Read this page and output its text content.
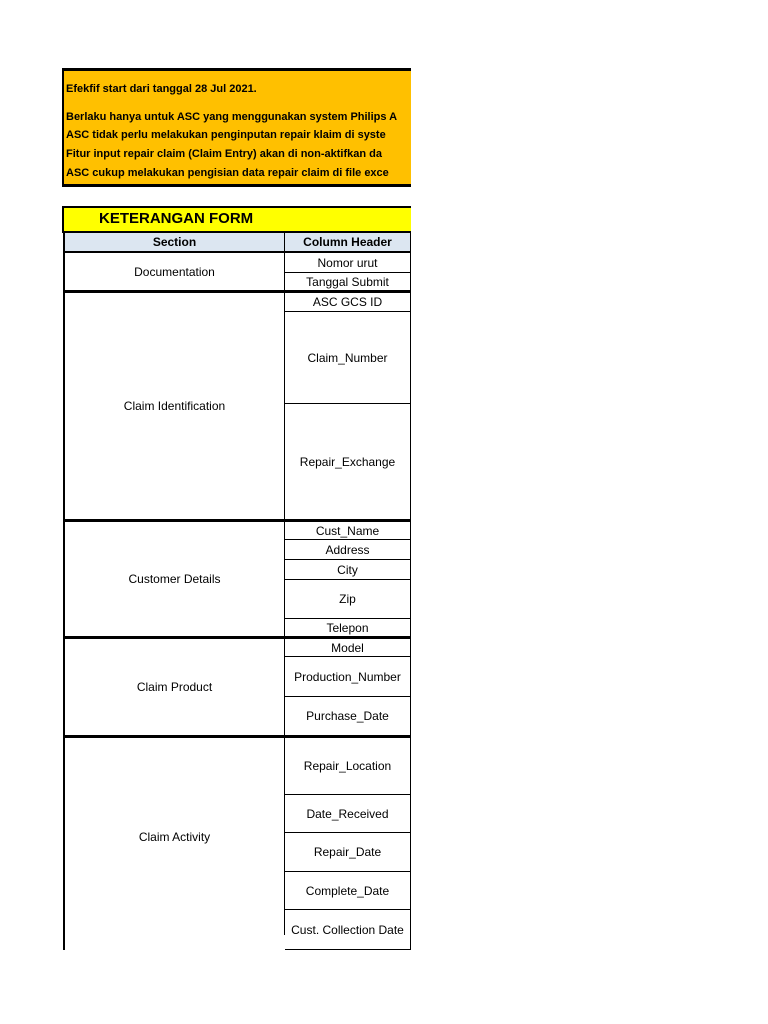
Efekfif start dari tanggal 28 Jul 2021.
Berlaku hanya untuk ASC yang menggunakan system Philips A
ASC tidak perlu melakukan penginputan repair klaim di syste
Fitur input repair claim (Claim Entry) akan di non-aktifkan da
ASC cukup melakukan pengisian data repair claim di file exce
KETERANGAN FORM
Section	Column Header
Documentation
Nomor urut
Tanggal Submit
Claim Identification
ASC GCS ID
Claim_Number
Repair_Exchange
Customer Details
Cust_Name
Address
City
Zip
Telepon
Claim Product
Model
Production_Number
Purchase_Date
Claim Activity
Repair_Location
Date_Received
Repair_Date
Complete_Date
Cust. Collection Date
